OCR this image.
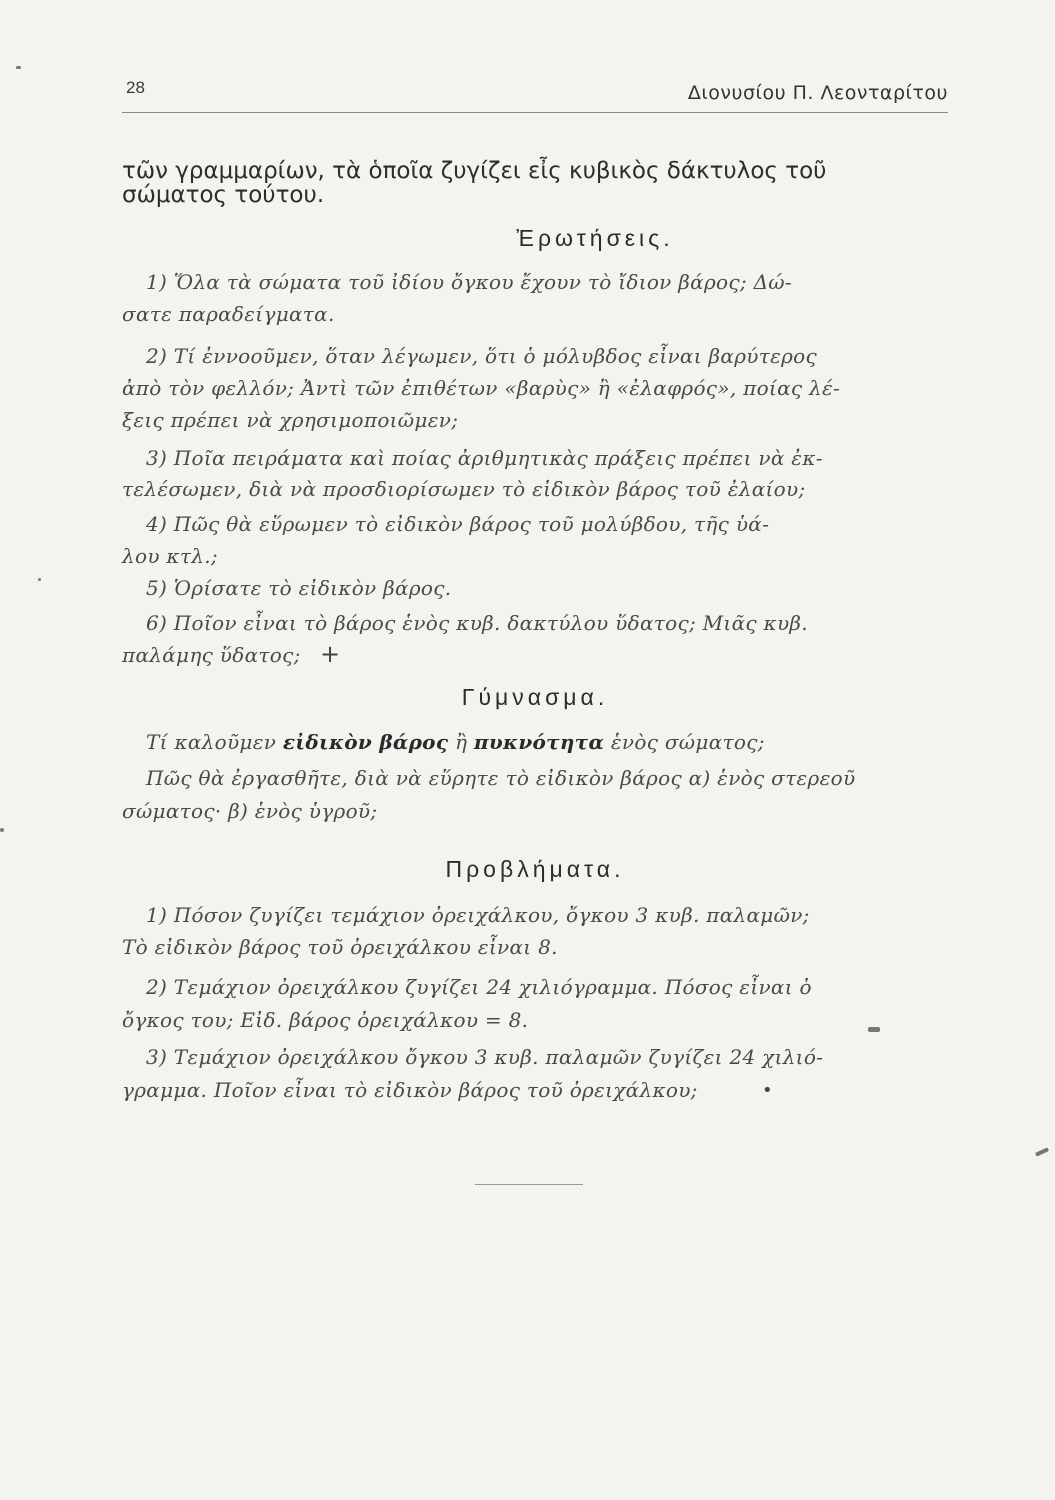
28	Διονυσίου Π. Λεονταρίτου
τῶν γραμμαρίων, τὰ ὁποῖα ζυγίζει εἶς κυβικὸς δάκτυλος τοῦ
σώματος τούτου.
Ἐρωτήσεις.
1) Ὅλα τὰ σώματα τοῦ ἰδίου ὄγκου ἔχουν τὸ ἴδιον βάρος; Δώ-
σατε παραδείγματα.
2) Τί ἐννοοῦμεν, ὅταν λέγωμεν, ὅτι ὁ μόλυβδος εἶναι βαρύτερος
ἀπὸ τὸν φελλόν; Ἀντὶ τῶν ἐπιθέτων «βαρὺς» ἢ «ἐλαφρός», ποίας λέ-
ξεις πρέπει νὰ χρησιμοποιῶμεν;
3) Ποῖα πειράματα καὶ ποίας ἀριθμητικὰς πράξεις πρέπει νὰ ἐκ-
τελέσωμεν, διὰ νὰ προσδιορίσωμεν τὸ εἰδικὸν βάρος τοῦ ἐλαίου;
4) Πῶς θὰ εὕρωμεν τὸ εἰδικὸν βάρος τοῦ μολύβδου, τῆς ὑά-
λου κτλ.;
5) Ὁρίσατε τὸ εἰδικὸν βάρος.
6) Ποῖον εἶναι τὸ βάρος ἑνὸς κυβ. δακτύλου ὕδατος; Μιᾶς κυβ.
παλάμης ὕδατος; +
Γύμνασμα.
Τί καλοῦμεν εἰδικὸν βάρος ἢ πυκνότητα ἑνὸς σώματος;
Πῶς θὰ ἐργασθῆτε, διὰ νὰ εὕρητε τὸ εἰδικὸν βάρος α) ἑνὸς στερεοῦ
σώματος· β) ἑνὸς ὑγροῦ;
Προβλήματα.
1) Πόσον ζυγίζει τεμάχιον ὀρειχάλκου, ὄγκου 3 κυβ. παλαμῶν;
Τὸ εἰδικὸν βάρος τοῦ ὀρειχάλκου εἶναι 8.
2) Τεμάχιον ὀρειχάλκου ζυγίζει 24 χιλιόγραμμα. Πόσος εἶναι ὁ
ὄγκος του; Εἰδ. βάρος ὀρειχάλκου = 8.
3) Τεμάχιον ὀρειχάλκου ὄγκου 3 κυβ. παλαμῶν ζυγίζει 24 χιλιό-
γραμμα. Ποῖον εἶναι τὸ εἰδικὸν βάρος τοῦ ὀρειχάλκου;	•
